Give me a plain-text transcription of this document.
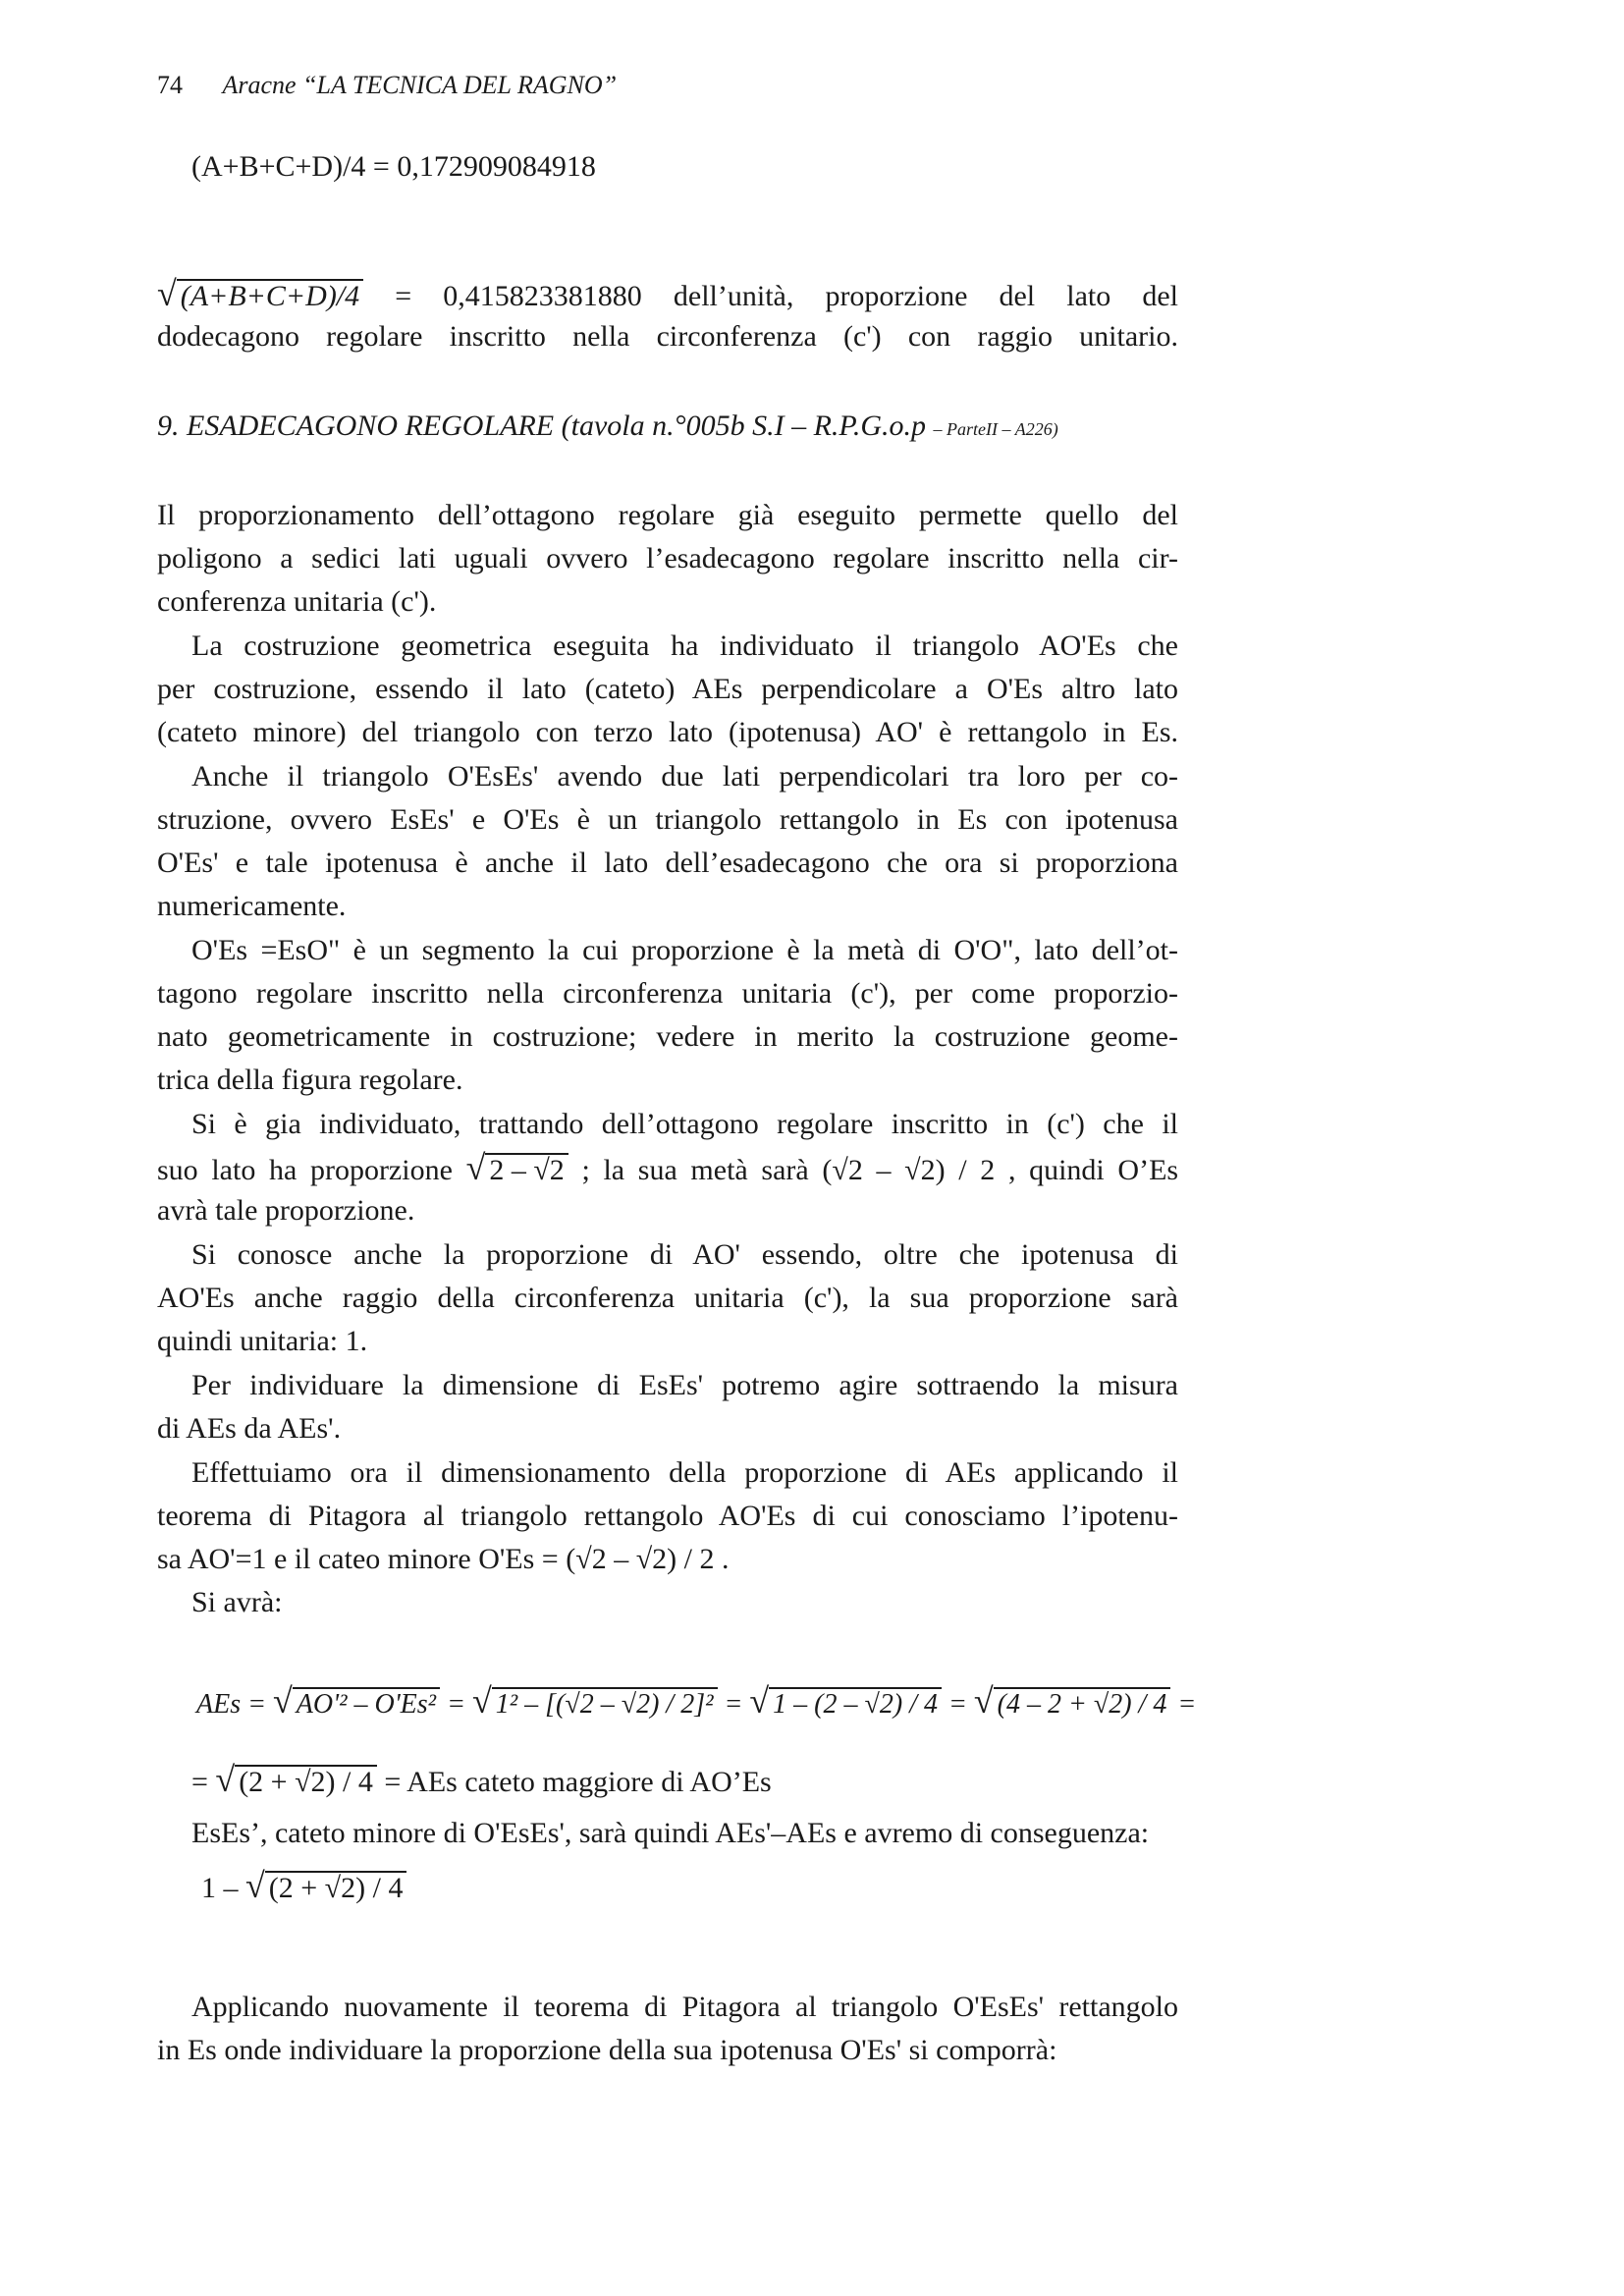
74 Aracne “LA TECNICA DEL RAGNO”
(A+B+C+D)/4 = 0,172909084918
√ (A+B+C+D)/4 = 0,415823381880 dell’unità, proporzione del lato del
dodecagono regolare inscritto nella circonferenza (c') con raggio unitario.
9. ESADECAGONO REGOLARE (tavola n.°005b S.I – R.P.G.o.p – ParteII – A226)
Il proporzionamento dell’ottagono regolare già eseguito permette quello del
poligono a sedici lati uguali ovvero l’esadecagono regolare inscritto nella cir-
conferenza unitaria (c').
La costruzione geometrica eseguita ha individuato il triangolo AO'Es che
per costruzione, essendo il lato (cateto) AEs perpendicolare a O'Es altro lato
(cateto minore) del triangolo con terzo lato (ipotenusa) AO' è rettangolo in Es.
Anche il triangolo O'EsEs' avendo due lati perpendicolari tra loro per co-
struzione, ovvero EsEs' e O'Es è un triangolo rettangolo in Es con ipotenusa
O'Es' e tale ipotenusa è anche il lato dell’esadecagono che ora si proporziona
numericamente.
O'Es =EsO" è un segmento la cui proporzione è la metà di O'O", lato dell’ot-
tagono regolare inscritto nella circonferenza unitaria (c'), per come proporzio-
nato geometricamente in costruzione; vedere in merito la costruzione geome-
trica della figura regolare.
Si è gia individuato, trattando dell’ottagono regolare inscritto in (c') che il
suo lato ha proporzione √ 2 – √2 ; la sua metà sarà (√2 – √2) / 2 , quindi O’Es
avrà tale proporzione.
Si conosce anche la proporzione di AO' essendo, oltre che ipotenusa di
AO'Es anche raggio della circonferenza unitaria (c'), la sua proporzione sarà
quindi unitaria: 1.
Per individuare la dimensione di EsEs' potremo agire sottraendo la misura
di AEs da AEs'.
Effettuiamo ora il dimensionamento della proporzione di AEs applicando il
teorema di Pitagora al triangolo rettangolo AO'Es di cui conosciamo l’ipotenu-
sa AO'=1 e il cateo minore O'Es = (√2 – √2) / 2 .
Si avrà:
AEs = √ AO'² – O'Es² = √ 1² – [(√2 – √2) / 2]² = √ 1 – (2 – √2) / 4 = √ (4 – 2 + √2) / 4 =
= √ (2 + √2) / 4 = AEs cateto maggiore di AO’Es
EsEs’, cateto minore di O'EsEs', sarà quindi AEs'–AEs e avremo di conseguenza:
1 – √ (2 + √2) / 4
Applicando nuovamente il teorema di Pitagora al triangolo O'EsEs' rettangolo
in Es onde individuare la proporzione della sua ipotenusa O'Es' si comporrà:
